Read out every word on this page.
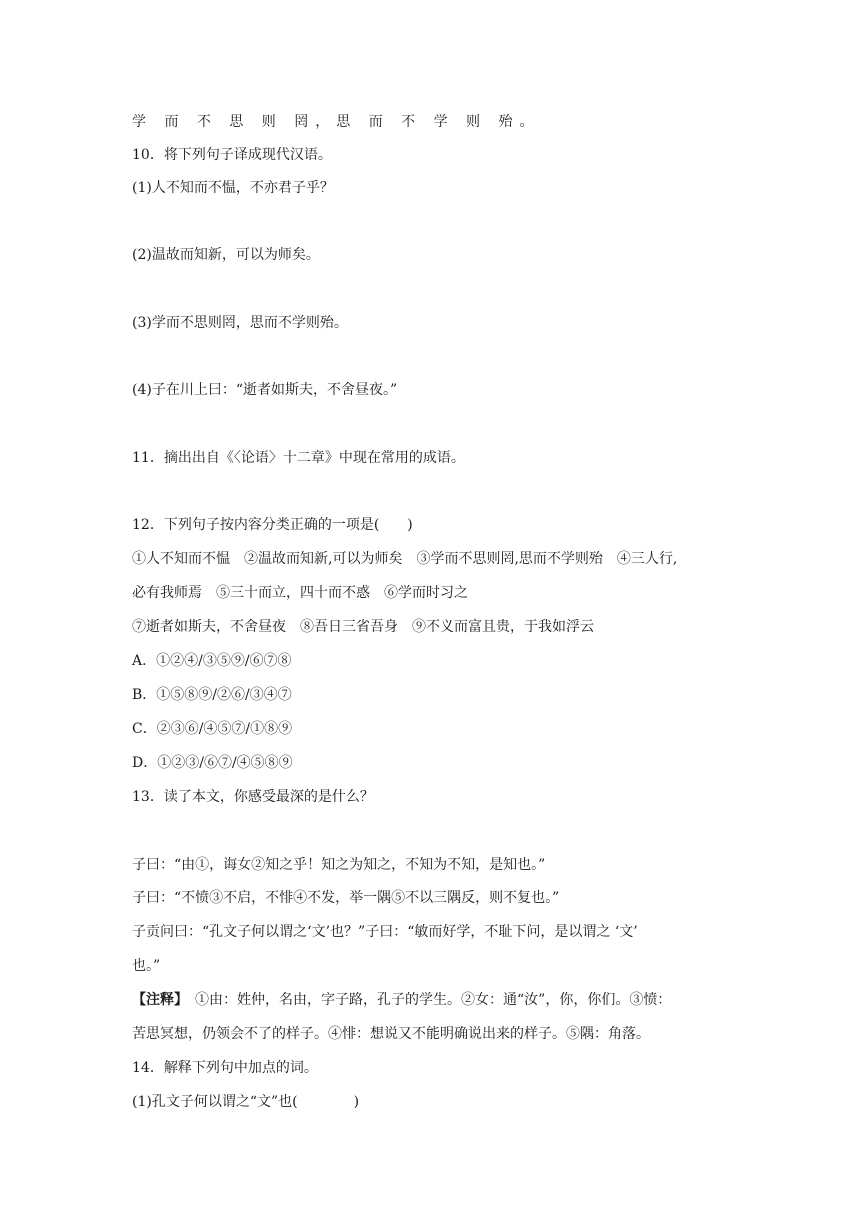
学 而 不 思 则 罔，思 而 不 学 则 殆。
10．将下列句子译成现代汉语。
(1)人不知而不愠，不亦君子乎？
(2)温故而知新，可以为师矣。
(3)学而不思则罔，思而不学则殆。
(4)子在川上曰：“逝者如斯夫，不舍昼夜。”
11．摘出出自《〈论语〉十二章》中现在常用的成语。
12．下列句子按内容分类正确的一项是(　　)
①人不知而不愠　②温故而知新,可以为师矣　③学而不思则罔,思而不学则殆　④三人行,
必有我师焉　⑤三十而立，四十而不惑　⑥学而时习之
⑦逝者如斯夫，不舍昼夜　⑧吾日三省吾身　⑨不义而富且贵，于我如浮云
A．①②④/③⑤⑨/⑥⑦⑧
B．①⑤⑧⑨/②⑥/③④⑦
C．②③⑥/④⑤⑦/①⑧⑨
D．①②③/⑥⑦/④⑤⑧⑨
13．读了本文，你感受最深的是什么？
子曰：“由①，诲女②知之乎！知之为知之，不知为不知，是知也。”
子曰：“不愤③不启，不悱④不发，举一隅⑤不以三隅反，则不复也。”
子贡问曰：“孔文子何以谓之‘文’也？”子曰：“敏而好学，不耻下问，是以谓之 ‘文’
也。”
【注释】　①由：姓仲，名由，字子路，孔子的学生。②女：通“汝”，你，你们。③愤：
苦思冥想，仍领会不了的样子。④悱：想说又不能明确说出来的样子。⑤隅：角落。
14．解释下列句中加点的词。
(1)孔文子何以谓之“文”也(　　　　)
